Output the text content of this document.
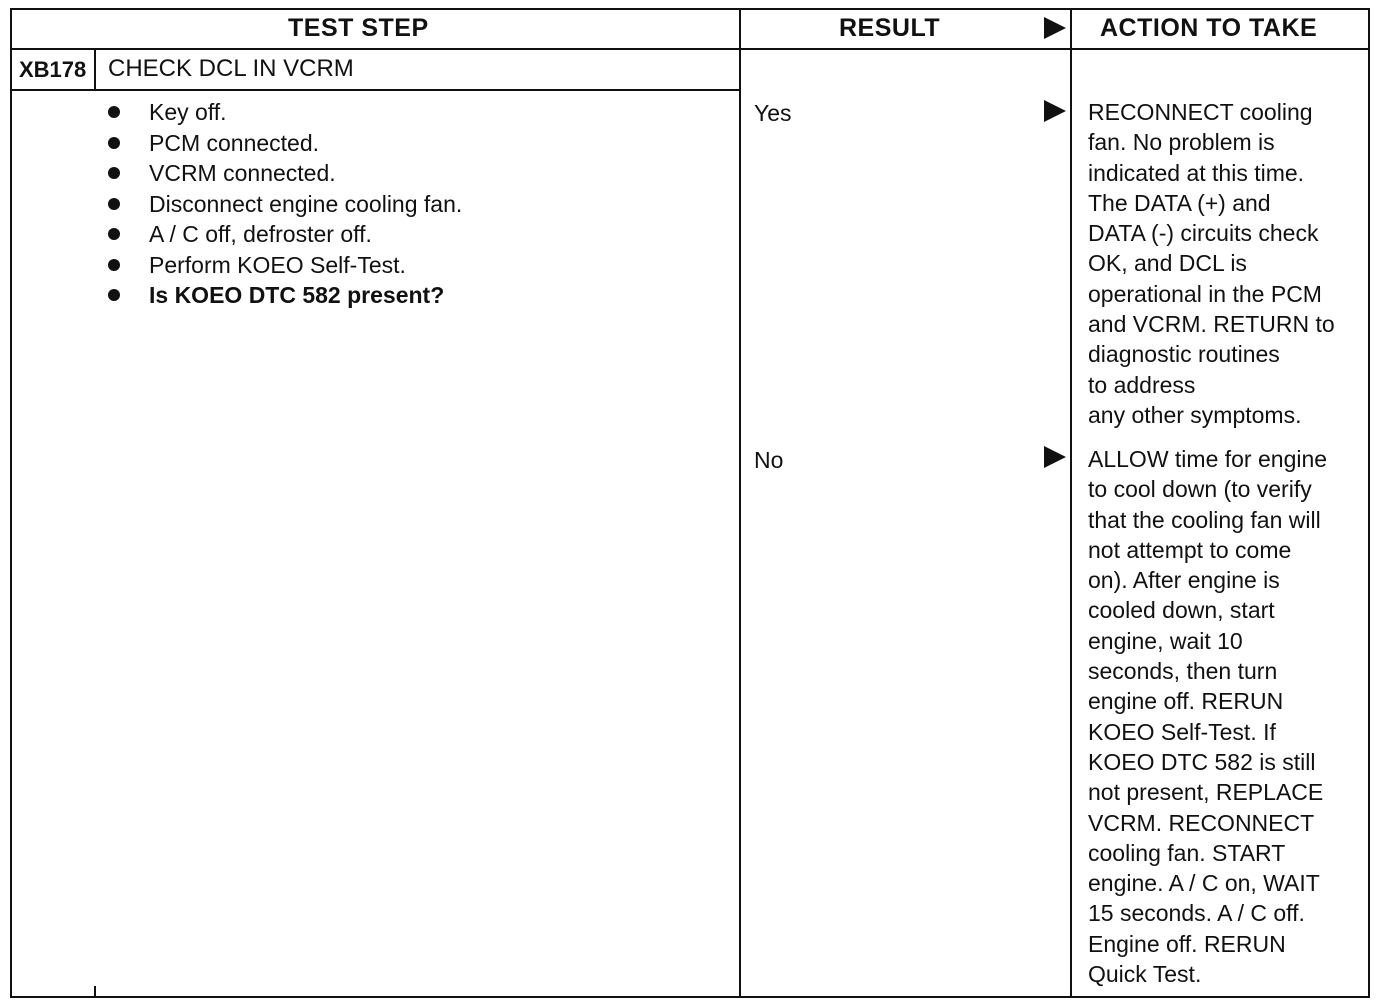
TEST STEP	RESULT	ACTION TO TAKE
XB178 CHECK DCL IN VCRM
Key off.
PCM connected.
VCRM connected.
Disconnect engine cooling fan.
A / C off, defroster off.
Perform KOEO Self-Test.
Is KOEO DTC 582 present?
Yes	RECONNECT cooling
fan. No problem is
indicated at this time.
The DATA (+) and
DATA (-) circuits check
OK, and DCL is
operational in the PCM
and VCRM. RETURN to
diagnostic routines
to address
any other symptoms.
No	ALLOW time for engine
to cool down (to verify
that the cooling fan will
not attempt to come
on). After engine is
cooled down, start
engine, wait 10
seconds, then turn
engine off. RERUN
KOEO Self-Test. If
KOEO DTC 582 is still
not present, REPLACE
VCRM. RECONNECT
cooling fan. START
engine. A / C on, WAIT
15 seconds. A / C off.
Engine off. RERUN
Quick Test.
